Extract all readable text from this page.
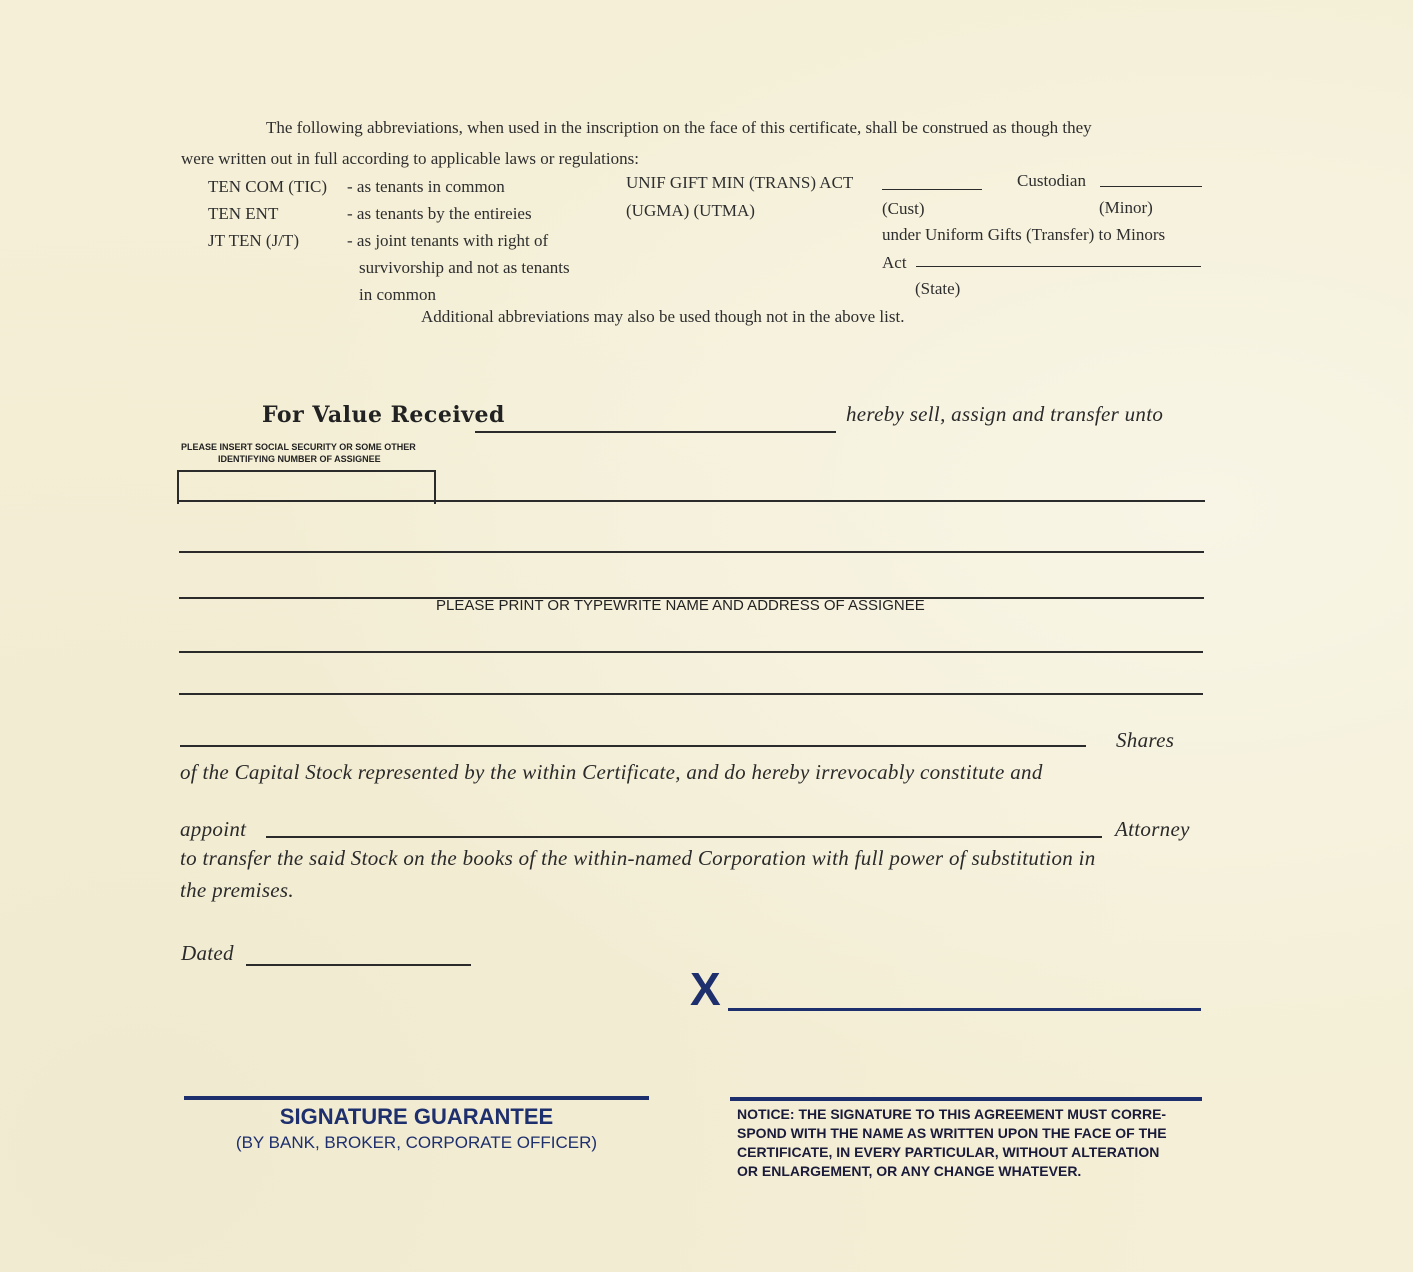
The following abbreviations, when used in the inscription on the face of this certificate, shall be construed as though they
were written out in full according to applicable laws or regulations:
TEN COM (TIC) - as tenants in common
TEN ENT	- as tenants by the entireies
JT TEN (J/T)	- as joint tenants with right of
survivorship and not as tenants
in common
UNIF GIFT MIN (TRANS) ACT	Custodian
(UGMA) (UTMA)	(Cust)	(Minor)
under Uniform Gifts (Transfer) to Minors
Act
(State)
Additional abbreviations may also be used though not in the above list.
For Value Received	hereby sell, assign and transfer unto
PLEASE INSERT SOCIAL SECURITY OR SOME OTHER
IDENTIFYING NUMBER OF ASSIGNEE
PLEASE PRINT OR TYPEWRITE NAME AND ADDRESS OF ASSIGNEE
Shares
of the Capital Stock represented by the within Certificate, and do hereby irrevocably constitute and
appoint	Attorney
to transfer the said Stock on the books of the within-named Corporation with full power of substitution in
the premises.
Dated
X
SIGNATURE GUARANTEE
(BY BANK, BROKER, CORPORATE OFFICER)
NOTICE: THE SIGNATURE TO THIS AGREEMENT MUST CORRE-
SPOND WITH THE NAME AS WRITTEN UPON THE FACE OF THE
CERTIFICATE, IN EVERY PARTICULAR, WITHOUT ALTERATION
OR ENLARGEMENT, OR ANY CHANGE WHATEVER.
